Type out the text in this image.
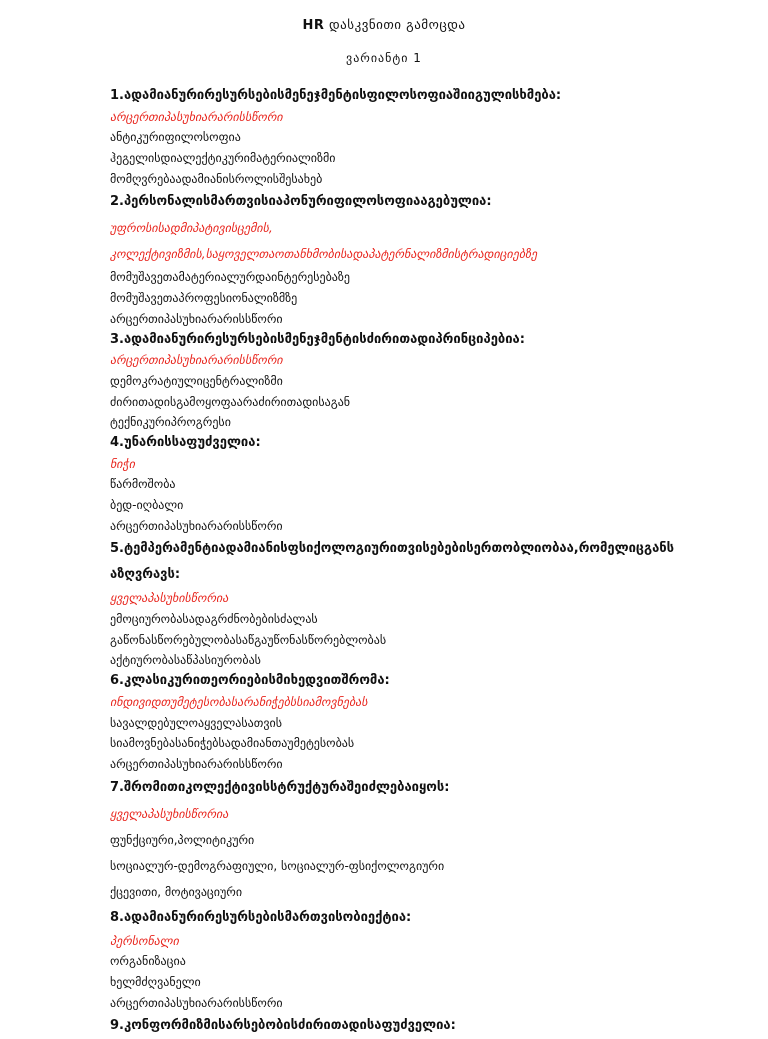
HR დასკვნითი გამოცდა
ვარიანტი 1
1.ადამიანურირესურსებისმენეჯმენტისფილოსოფიაშიიგულისხმება:
არცერთიპასუხიარარისსწორი
ანტიკურიფილოსოფია
ჰეგელისდიალექტიკურიმატერიალიზმი
მომღვრებაადამიანისროლისშესახებ
2.პერსონალისმართვისიაპონურიფილოსოფიააგებულია:
უფროსისადმიპატივისცემის,
კოლექტივიზმის,საყოველთაოთანხმობისადაპატერნალიზმისტრადიციებზე
მომუშავეთამატერიალურდაინტერესებაზე
მომუშავეთაპროფესიონალიზმზე
არცერთიპასუხიარარისსწორი
3.ადამიანურირესურსებისმენეჯმენტისძირითადიპრინციპებია:
არცერთიპასუხიარარისსწორი
დემოკრატიულიცენტრალიზმი
ძირითადისგამოყოფაარაძირითადისაგან
ტექნიკურიპროგრესი
4.უნარისსაფუძველია:
ნიჭი
წარმოშობა
ბედ-იღბალი
არცერთიპასუხიარარისსწორი
5.ტემპერამენტიადამიანისფსიქოლოგიურითვისებებისერთობლიობაა,რომელიცგანს
აზღვრავს:
ყველაპასუხისწორია
ემოციურობასადაგრძნობებისძალას
გაწონასწორებულობასაწგაუწონასწორებლობას
აქტიურობასაწპასიურობას
6.კლასიკურითეორიებისმიხედვითშრომა:
ინდივიდთუმეტესობასარანიჭებსსიამოვნებას
სავალდებულოაყველასათვის
სიამოვნებასანიჭებსადამიანთაუმეტესობას
არცერთიპასუხიარარისსწორი
7.შრომითიკოლექტივისსტრუქტურაშეიძლებაიყოს:
ყველაპასუხისწორია
ფუნქციური,პოლიტიკური
სოციალურ-დემოგრაფიული, სოციალურ-ფსიქოლოგიური
ქცევითი, მოტივაციური
8.ადამიანურირესურსებისმართვისობიექტია:
პერსონალი
ორგანიზაცია
ხელმძღვანელი
არცერთიპასუხიარარისსწორი
9.კონფორმიზმისარსებობისძირითადისაფუძველია:
